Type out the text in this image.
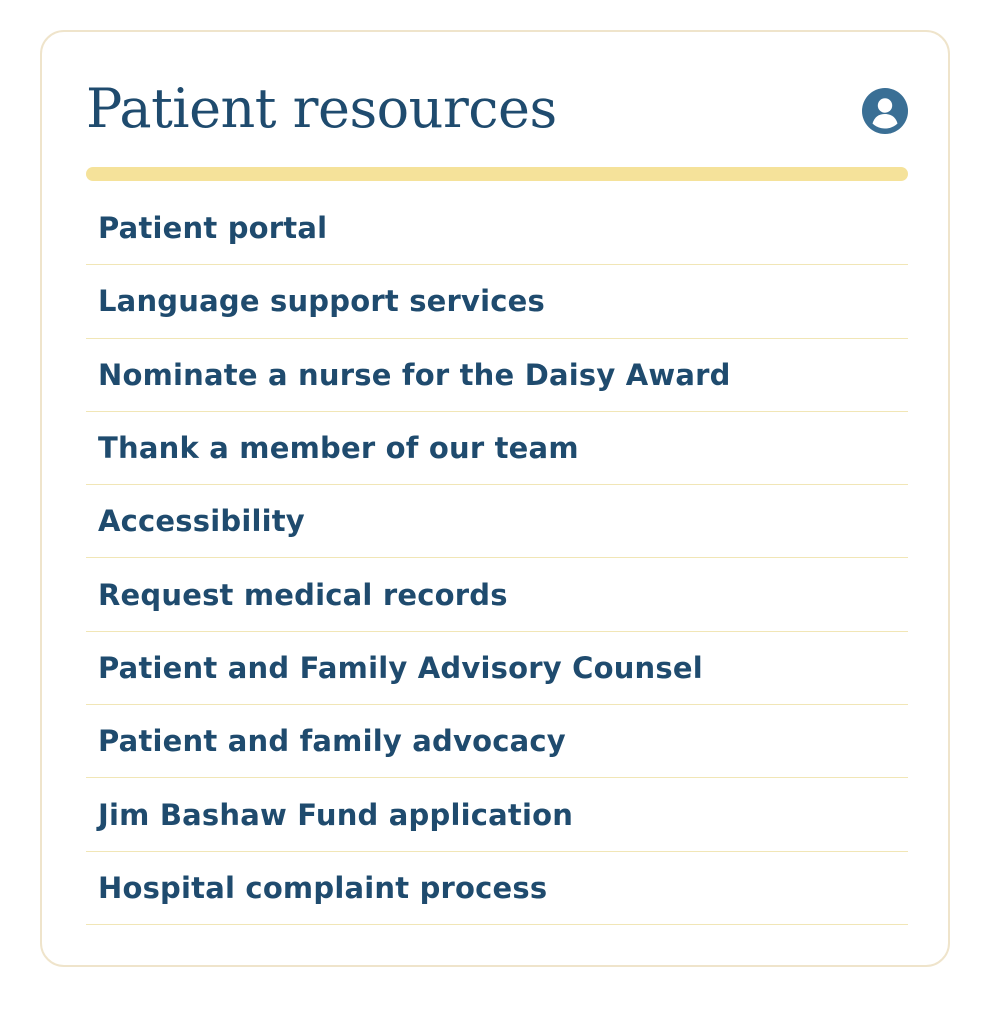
Patient resources
Patient portal
Language support services
Nominate a nurse for the Daisy Award
Thank a member of our team
Accessibility
Request medical records
Patient and Family Advisory Counsel
Patient and family advocacy
Jim Bashaw Fund application
Hospital complaint process
